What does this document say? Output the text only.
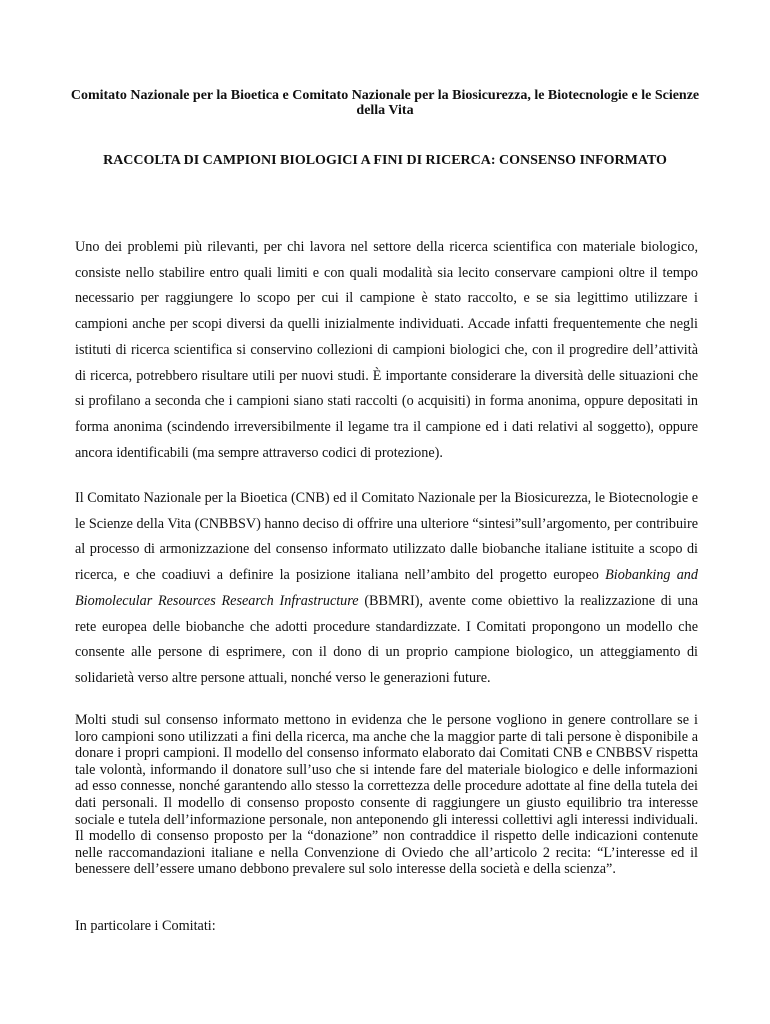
Comitato Nazionale per la Bioetica e Comitato Nazionale per la Biosicurezza, le Biotecnologie e le Scienze della Vita
RACCOLTA DI CAMPIONI BIOLOGICI A FINI DI RICERCA: CONSENSO INFORMATO
Uno dei problemi più rilevanti, per chi lavora nel settore della ricerca scientifica con materiale biologico, consiste nello stabilire entro quali limiti e con quali modalità sia lecito conservare campioni oltre il tempo necessario per raggiungere lo scopo per cui il campione è stato raccolto, e se sia legittimo utilizzare i campioni anche per scopi diversi da quelli inizialmente individuati. Accade infatti frequentemente che negli istituti di ricerca scientifica si conservino collezioni di campioni biologici che, con il progredire dell’attività di ricerca, potrebbero risultare utili per nuovi studi. È importante considerare la diversità delle situazioni che si profilano a seconda che i campioni siano stati raccolti (o acquisiti) in forma anonima, oppure depositati in forma anonima (scindendo irreversibilmente il legame tra il campione ed i dati relativi al soggetto), oppure ancora identificabili (ma sempre attraverso codici di protezione).
Il Comitato Nazionale per la Bioetica (CNB) ed il Comitato Nazionale per la Biosicurezza, le Biotecnologie e le Scienze della Vita (CNBBSV) hanno deciso di offrire una ulteriore “sintesi”sull’argomento, per contribuire al processo di armonizzazione del consenso informato utilizzato dalle biobanche italiane istituite a scopo di ricerca, e che coadiuvi a definire la posizione italiana nell’ambito del progetto europeo Biobanking and Biomolecular Resources Research Infrastructure (BBMRI), avente come obiettivo la realizzazione di una rete europea delle biobanche che adotti procedure standardizzate. I Comitati propongono un modello che consente alle persone di esprimere, con il dono di un proprio campione biologico, un atteggiamento di solidarietà verso altre persone attuali, nonché verso le generazioni future.
Molti studi sul consenso informato mettono in evidenza che le persone vogliono in genere controllare se i loro campioni sono utilizzati a fini della ricerca, ma anche che la maggior parte di tali persone è disponibile a donare i propri campioni. Il modello del consenso informato elaborato dai Comitati CNB e CNBBSV rispetta tale volontà, informando il donatore sull’uso che si intende fare del materiale biologico e delle informazioni ad esso connesse, nonché garantendo allo stesso la correttezza delle procedure adottate al fine della tutela dei dati personali. Il modello di consenso proposto consente di raggiungere un giusto equilibrio tra interesse sociale e tutela dell’informazione personale, non anteponendo gli interessi collettivi agli interessi individuali. Il modello di consenso proposto per la “donazione” non contraddice il rispetto delle indicazioni contenute nelle raccomandazioni italiane e nella Convenzione di Oviedo che all’articolo 2 recita: “L’interesse ed il benessere dell’essere umano debbono prevalere sul solo interesse della società e della scienza”.
In particolare i Comitati:
